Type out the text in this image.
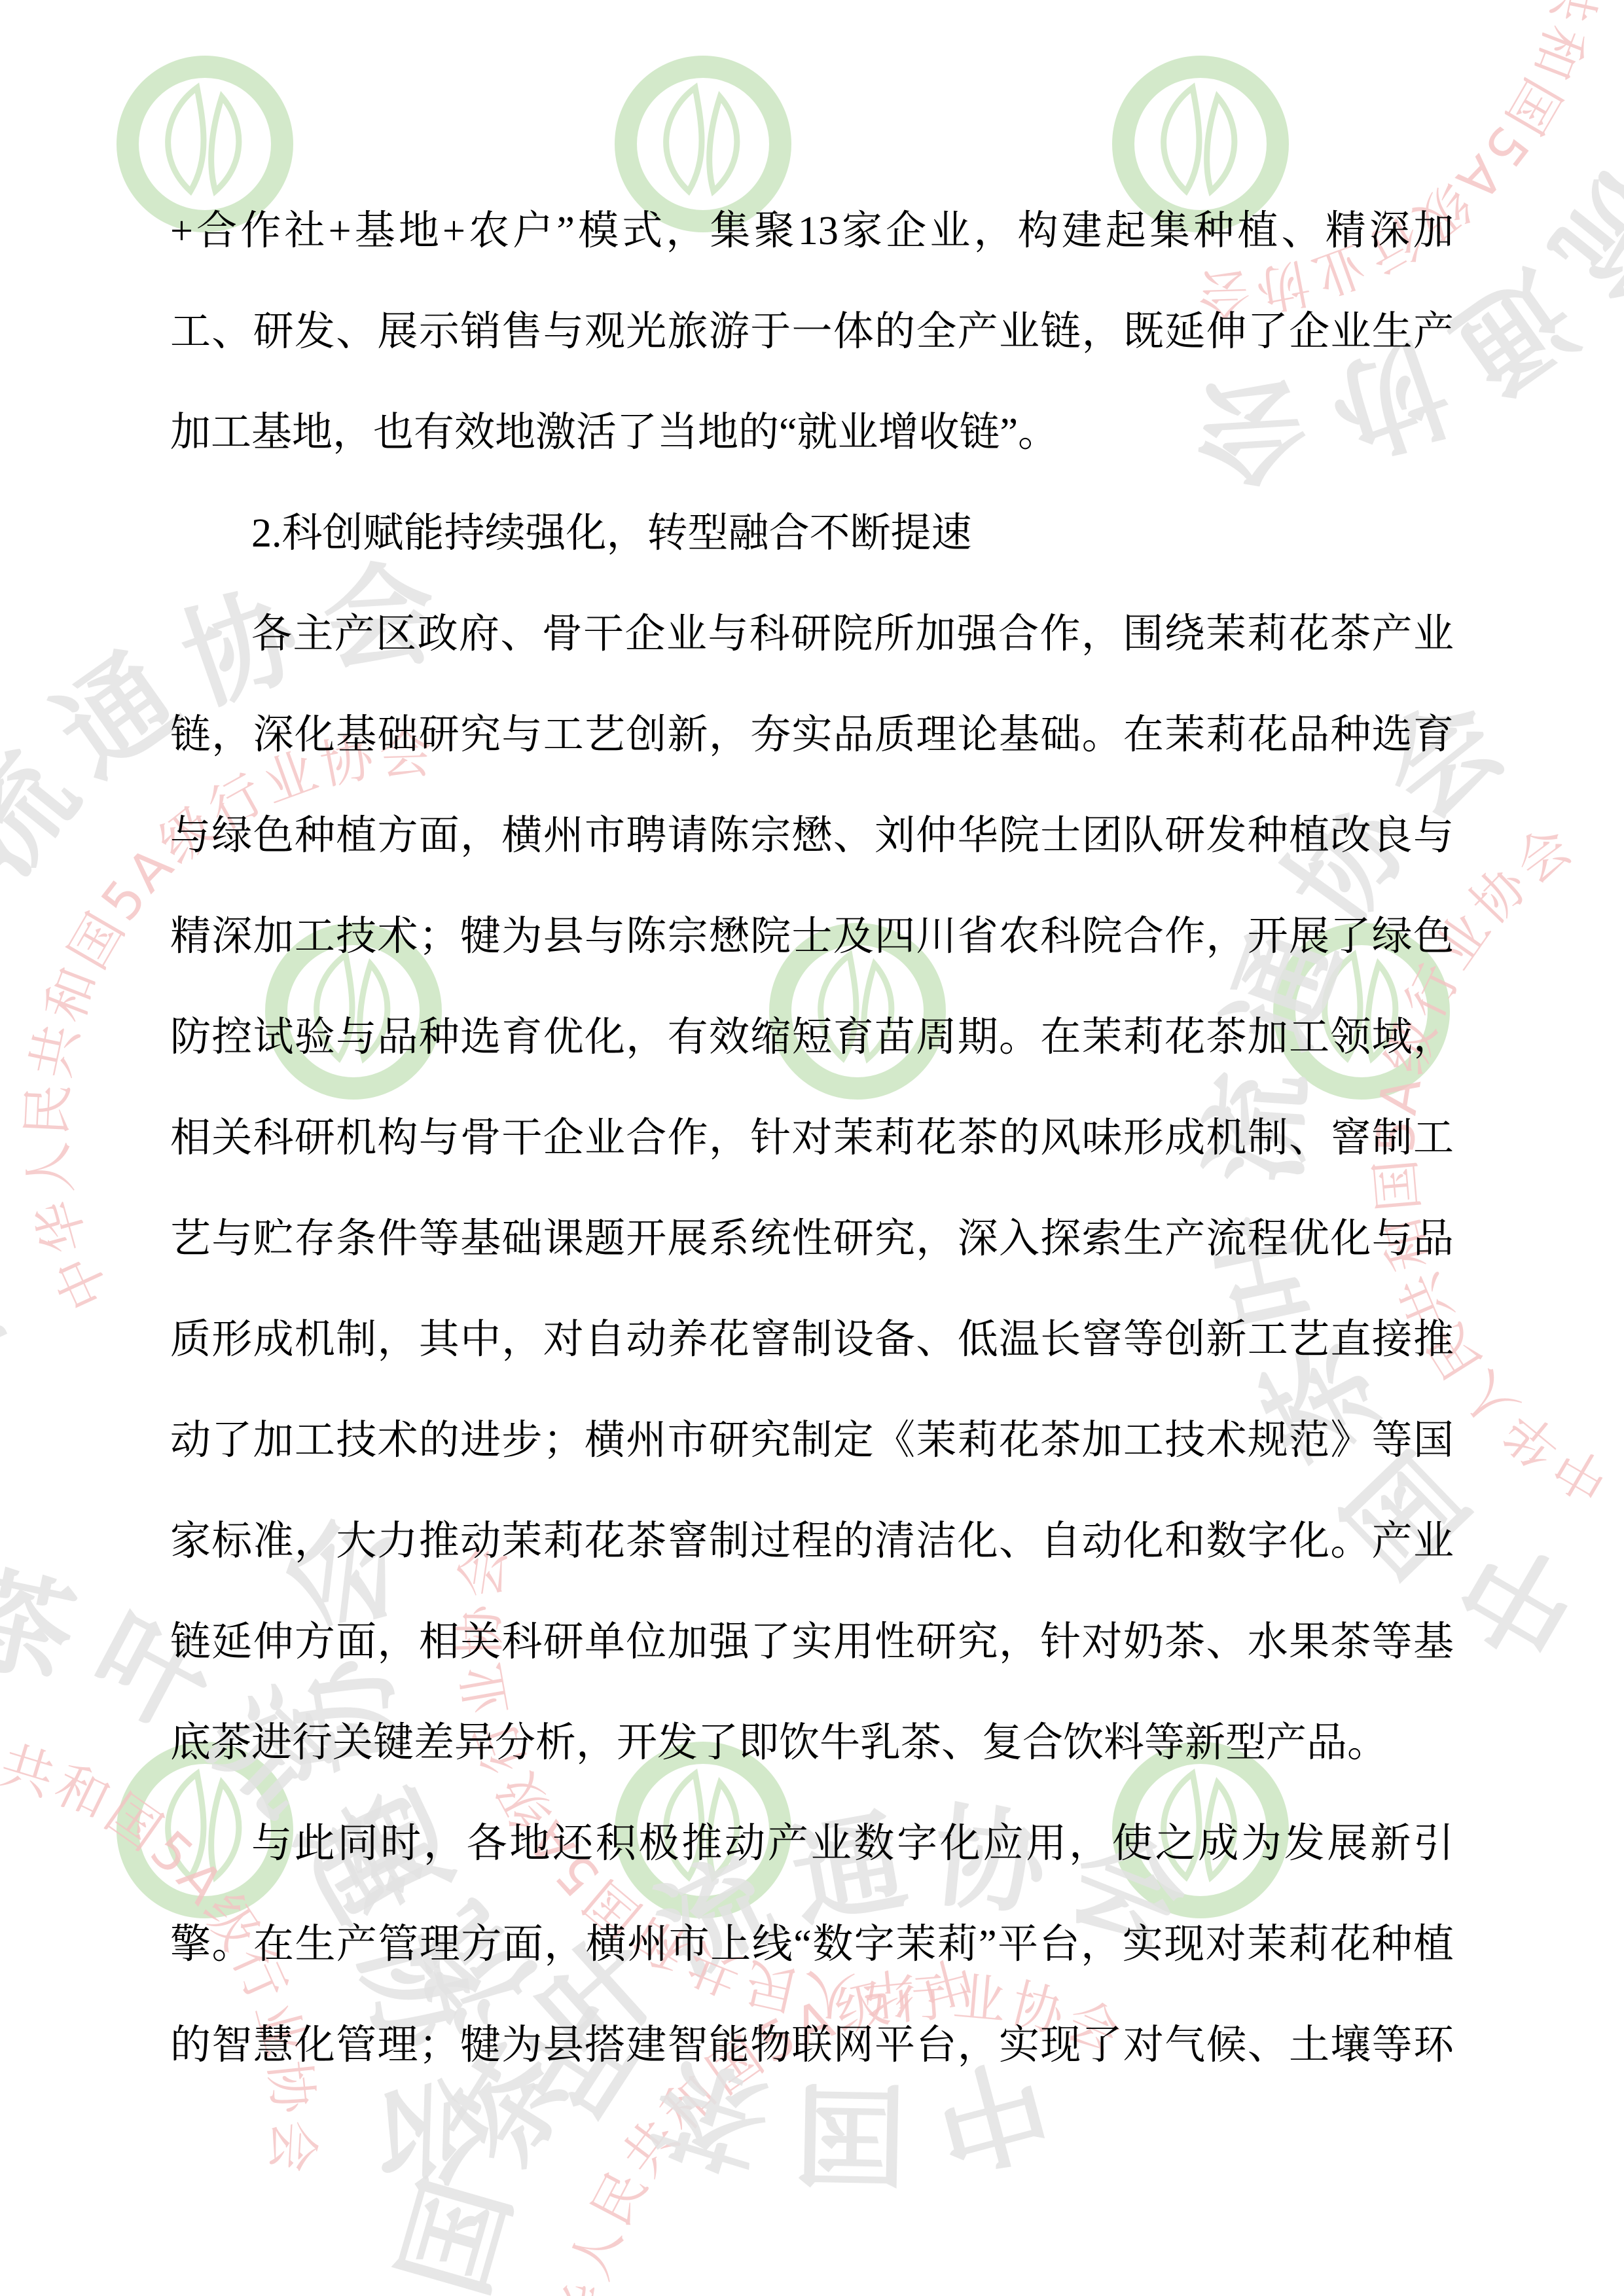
+合作社+基地+农户”模式，集聚13家企业，构建起集种植、精深加
工、研发、展示销售与观光旅游于一体的全产业链，既延伸了企业生产
加工基地，也有效地激活了当地的“就业增收链”。
2.科创赋能持续强化，转型融合不断提速
各主产区政府、骨干企业与科研院所加强合作，围绕茉莉花茶产业
链，深化基础研究与工艺创新，夯实品质理论基础。在茉莉花品种选育
与绿色种植方面，横州市聘请陈宗懋、刘仲华院士团队研发种植改良与
精深加工技术；犍为县与陈宗懋院士及四川省农科院合作，开展了绿色
防控试验与品种选育优化，有效缩短育苗周期。在茉莉花茶加工领域，
相关科研机构与骨干企业合作，针对茉莉花茶的风味形成机制、窨制工
艺与贮存条件等基础课题开展系统性研究，深入探索生产流程优化与品
质形成机制，其中，对自动养花窨制设备、低温长窨等创新工艺直接推
动了加工技术的进步；横州市研究制定《茉莉花茶加工技术规范》等国
家标准，大力推动茉莉花茶窨制过程的清洁化、自动化和数字化。产业
链延伸方面，相关科研单位加强了实用性研究，针对奶茶、水果茶等基
底茶进行关键差异分析，开发了即饮牛乳茶、复合饮料等新型产品。
与此同时，各地还积极推动产业数字化应用，使之成为发展新引
擎。在生产管理方面，横州市上线“数字茉莉”平台，实现对茉莉花种植
的智慧化管理；犍为县搭建智能物联网平台，实现了对气候、土壤等环
